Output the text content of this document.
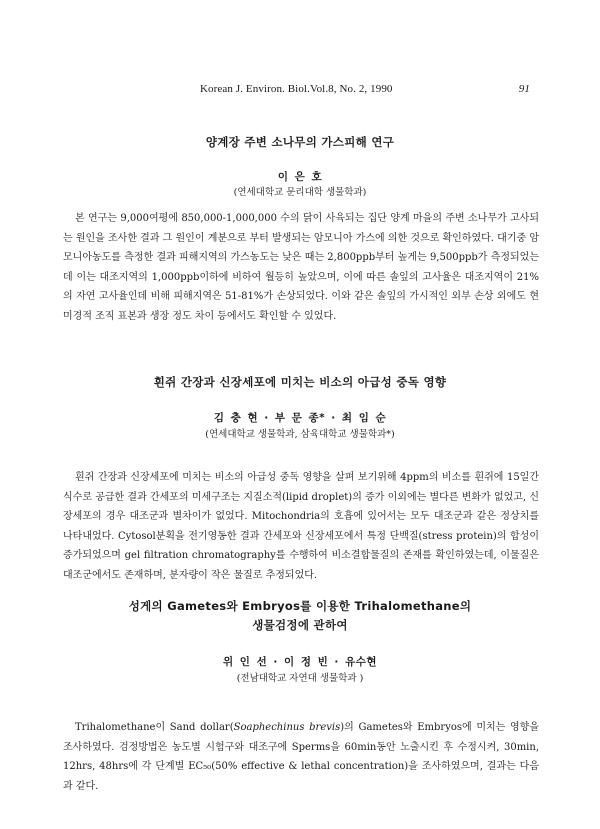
Korean J. Environ. Biol.Vol.8, No. 2, 1990	91
양계장 주변 소나무의 가스피해 연구
이 은 호
(연세대학교 문리대학 생물학과)

본 연구는 9,000여평에 850,000-1,000,000 수의 닭이 사육되는 집단 양계 마을의 주변 소나무가 고사되는 원인을 조사한 결과 그 원인이 계분으로 부터 발생되는 암모니아 가스에 의한 것으로 확인하였다. 대기중 암모니아농도를 측정한 결과 피해지역의 가스농도는 낮은 때는 2,800ppb부터 높게는 9,500ppb가 측정되었는 데 이는 대조지역의 1,000ppb이하에 비하여 월등히 높았으며, 이에 따른 솔잎의 고사율은 대조지역이 21%의 자연 고사율인데 비해 피해지역은 51-81%가 손상되었다. 이와 같은 솔잎의 가시적인 외부 손상 외에도 현미경적 조직 표본과 생장 정도 차이 등에서도 확인할 수 있었다.

흰쥐 간장과 신장세포에 미치는 비소의 아급성 중독 영향
김 충 현 · 부 문 종* · 최 임 순
(연세대학교 생물학과, 삼육대학교 생물학과*)

흰쥐 간장과 신장세포에 미치는 비소의 아급성 중독 영향을 살펴 보기위해 4ppm의 비소를 흰쥐에 15일간 식수로 공급한 결과 간세포의 미세구조는 지질소적(lipid droplet)의 증가 이외에는 별다른 변화가 없었고, 신장세포의 경우 대조군과 별차이가 없었다. Mitochondria의 호흡에 있어서는 모두 대조군과 같은 정상치를 나타내었다. Cytosol분획을 전기영동한 결과 간세포와 신장세포에서 특정 단백질(stress protein)의 합성이 증가되었으며 gel filtration chromatography를 수행하여 비소결합물질의 존재를 확인하였는데, 이물질은 대조군에서도 존재하며, 분자량이 작은 물질로 추정되었다.

성게의 Gametes와 Embryos를 이용한 Trihalomethane의
생물검정에 관하여
위 인 선 · 이 정 빈 · 유수현
(전남대학교 자연대 생물학과 )

Trihalomethane이 Sand dollar(Soaphechinus brevis)의 Gametes와 Embryos에 미치는 영향을 조사하였다. 검정방법은 농도별 시험구와 대조구에 Sperms을 60min동안 노출시킨 후 수정시켜, 30min, 12hrs, 48hrs에 각 단계별 EC₅₀(50% effective & lethal concentration)을 조사하였으며, 결과는 다음과 같다.
